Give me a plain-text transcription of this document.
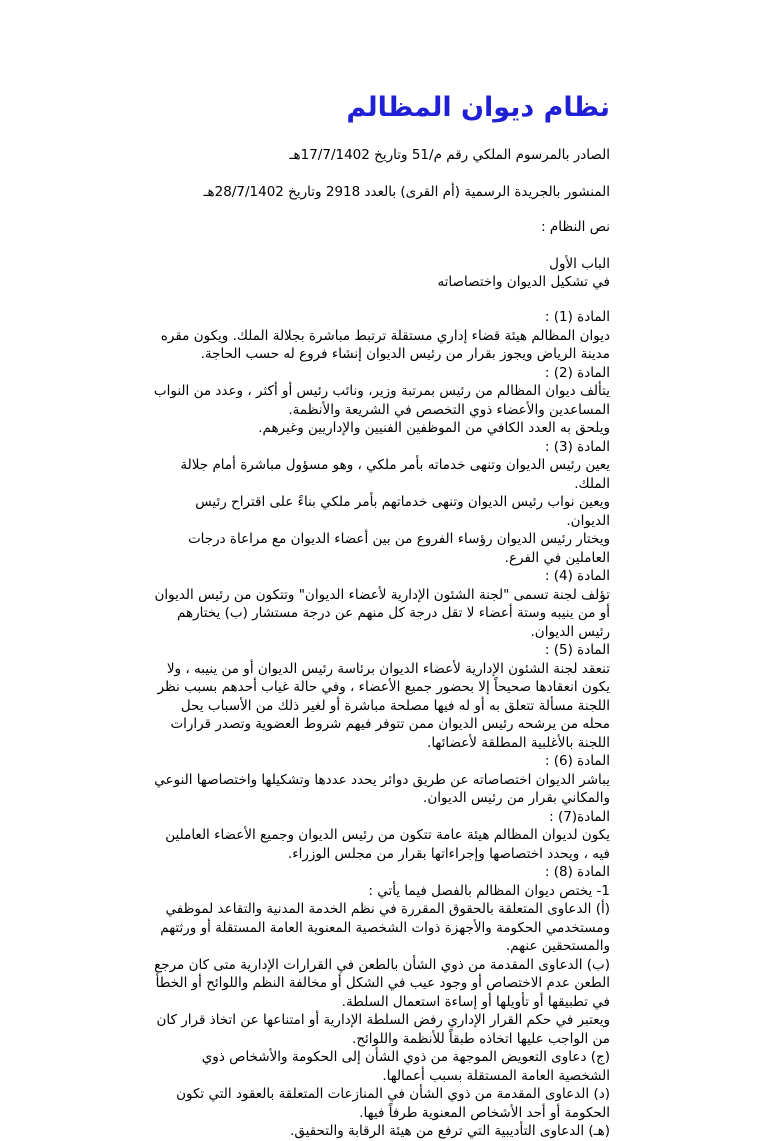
نظام ديوان المظالم
الصادر بالمرسوم الملكي رقم م/51 وتاريخ 17/7/1402هـ
المنشور بالجريدة الرسمية (أم القرى) بالعدد 2918 وتاريخ 28/7/1402هـ
نص النظام :
الباب الأول
في تشكيل الديوان واختصاصاته

المادة (1) :

ديوان المظالم هيئة قضاء إداري مستقلة ترتبط مباشرة بجلالة الملك. ويكون مقره مدينة الرياض ويجوز بقرار من رئيس الديوان إنشاء فروع له حسب الحاجة.

المادة (2) :

يتألف ديوان المظالم من رئيس بمرتبة وزير، ونائب رئيس أو أكثر ، وعدد من النواب المساعدين والأعضاء ذوي التخصص في الشريعة والأنظمة.

ويلحق به العدد الكافي من الموظفين الفنيين والإداريين وغيرهم.

المادة (3) :

يعين رئيس الديوان وتنهى خدماته بأمر ملكي ، وهو مسؤول مباشرة أمام جلالة الملك.

ويعين نواب رئيس الديوان وتنهى خدماتهم بأمر ملكي بناءً على اقتراح رئيس الديوان.

ويختار رئيس الديوان رؤساء الفروع من بين أعضاء الديوان مع مراعاة درجات العاملين في الفرع.

المادة (4) :

تؤلف لجنة تسمى "لجنة الشئون الإدارية لأعضاء الديوان" وتتكون من رئيس الديوان أو من ينيبه وستة أعضاء لا تقل درجة كل منهم عن درجة مستشار (ب) يختارهم رئيس الديوان.

المادة (5) :

تنعقد لجنة الشئون الإدارية لأعضاء الديوان برئاسة رئيس الديوان أو من ينيبه ، ولا يكون انعقادها صحيحاً إلا بحضور جميع الأعضاء ، وفي حالة غياب أحدهم بسبب نظر اللجنة مسألة تتعلق به أو له فيها مصلحة مباشرة أو لغير ذلك من الأسباب يحل محله من يرشحه رئيس الديوان ممن تتوفر فيهم شروط العضوية وتصدر قرارات اللجنة بالأغلبية المطلقة لأعضائها.

المادة (6) :

يباشر الديوان اختصاصاته عن طريق دوائر يحدد عددها وتشكيلها واختصاصها النوعي والمكاني بقرار من رئيس الديوان.

المادة(7) :

يكون لديوان المظالم هيئة عامة تتكون من رئيس الديوان وجميع الأعضاء العاملين فيه ، ويحدد اختصاصها وإجراءاتها بقرار من مجلس الوزراء.

المادة (8) :

1- يختص ديوان المظالم بالفصل فيما يأتي :

(أ) الدعاوى المتعلقة بالحقوق المقررة في نظم الخدمة المدنية والتقاعد لموظفي ومستخدمي الحكومة والأجهزة ذوات الشخصية المعنوية العامة المستقلة أو ورثتهم والمستحقين عنهم.

(ب) الدعاوى المقدمة من ذوي الشأن بالطعن في القرارات الإدارية متى كان مرجع الطعن عدم الاختصاص أو وجود عيب في الشكل أو مخالفة النظم واللوائح أو الخطأ في تطبيقها أو تأويلها أو إساءة استعمال السلطة.

ويعتبر في حكم القرار الإداري رفض السلطة الإدارية أو امتناعها عن اتخاذ قرار كان من الواجب عليها اتخاذه طبقاً للأنظمة واللوائح.

(ج) دعاوى التعويض الموجهة من ذوي الشأن إلى الحكومة والأشخاص ذوي الشخصية العامة المستقلة بسبب أعمالها.

(د) الدعاوى المقدمة من ذوي الشأن في المنازعات المتعلقة بالعقود التي تكون الحكومة أو أحد الأشخاص المعنوية طرفاً فيها.

(هـ) الدعاوى التأديبية التي ترفع من هيئة الرقابة والتحقيق.
